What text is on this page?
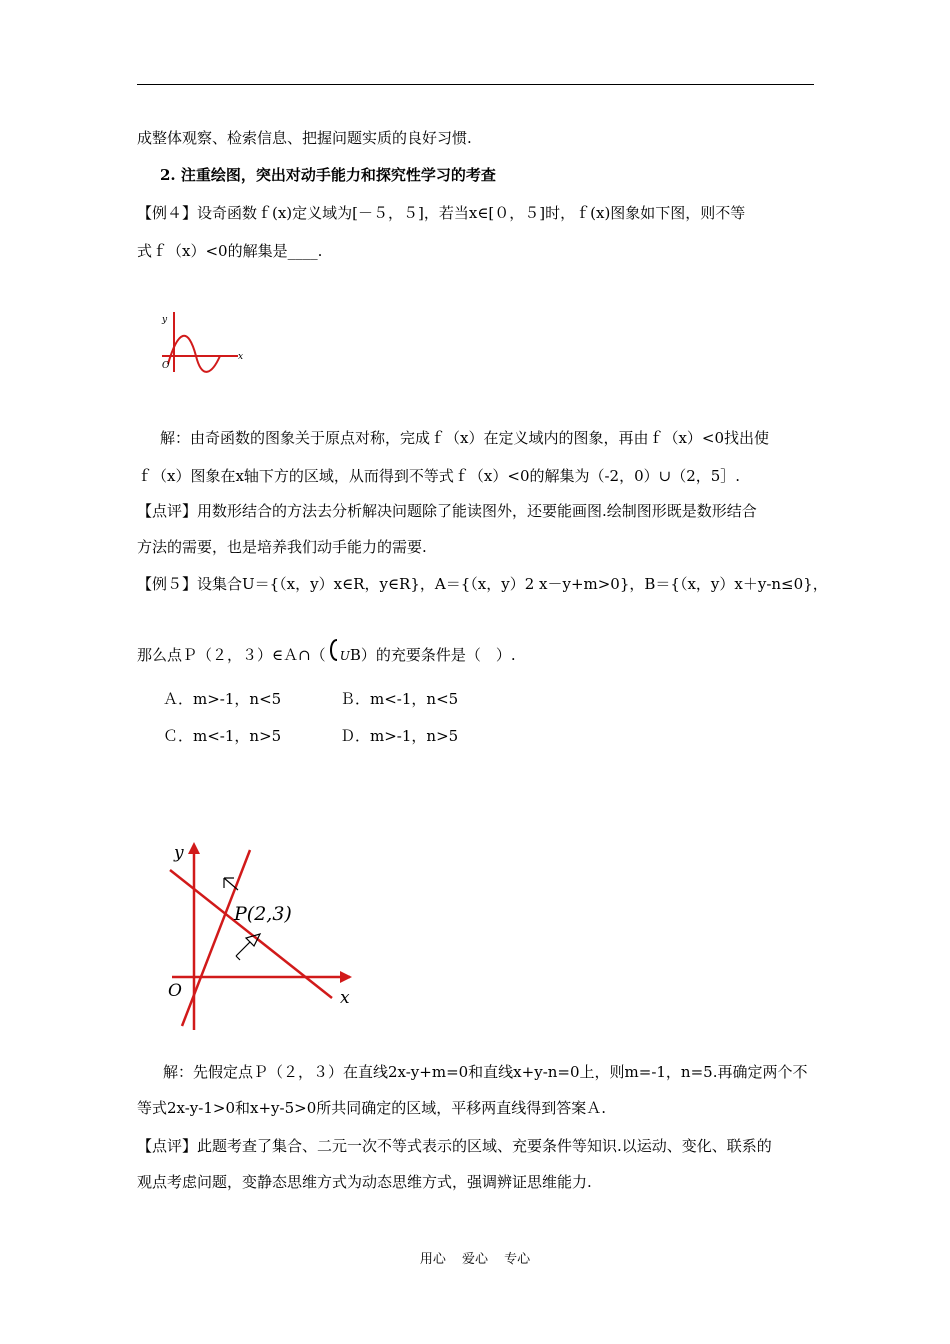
成整体观察、检索信息、把握问题实质的良好习惯.
2. 注重绘图，突出对动手能力和探究性学习的考查
【例４】设奇函数ｆ(x)定义域为[－５，５]，若当x∈[０，５]时，ｆ(x)图象如下图，则不等
式ｆ（x）<0的解集是____.
y
x
O
解：由奇函数的图象关于原点对称，完成ｆ（x）在定义域内的图象，再由ｆ（x）<0找出使
ｆ（x）图象在x轴下方的区域，从而得到不等式ｆ（x）<0的解集为（-2，0）∪（2，5］.
【点评】用数形结合的方法去分析解决问题除了能读图外，还要能画图.绘制图形既是数形结合
方法的需要，也是培养我们动手能力的需要.
【例５】设集合U＝{（x，y）x∈R，y∈R}，A＝{（x，y）2 x－y+m>0}，B＝{（x，y）x＋y-n≤0}，
那么点Ｐ（２，３）∈Ａ∩（ UB）的充要条件是（　）.
Ａ．m>-1，n<5	Ｂ．m<-1，n<5
Ｃ．m<-1，n>5	Ｄ．m>-1，n>5
y
x
O
P(2,3)
解：先假定点Ｐ（２，３）在直线2x-y+m=0和直线x+y-n=0上，则m=-1，n=5.再确定两个不
等式2x-y-1>0和x+y-5>0所共同确定的区域，平移两直线得到答案Ａ.
【点评】此题考查了集合、二元一次不等式表示的区域、充要条件等知识.以运动、变化、联系的
观点考虑问题，变静态思维方式为动态思维方式，强调辨证思维能力.
用心 爱心 专心
